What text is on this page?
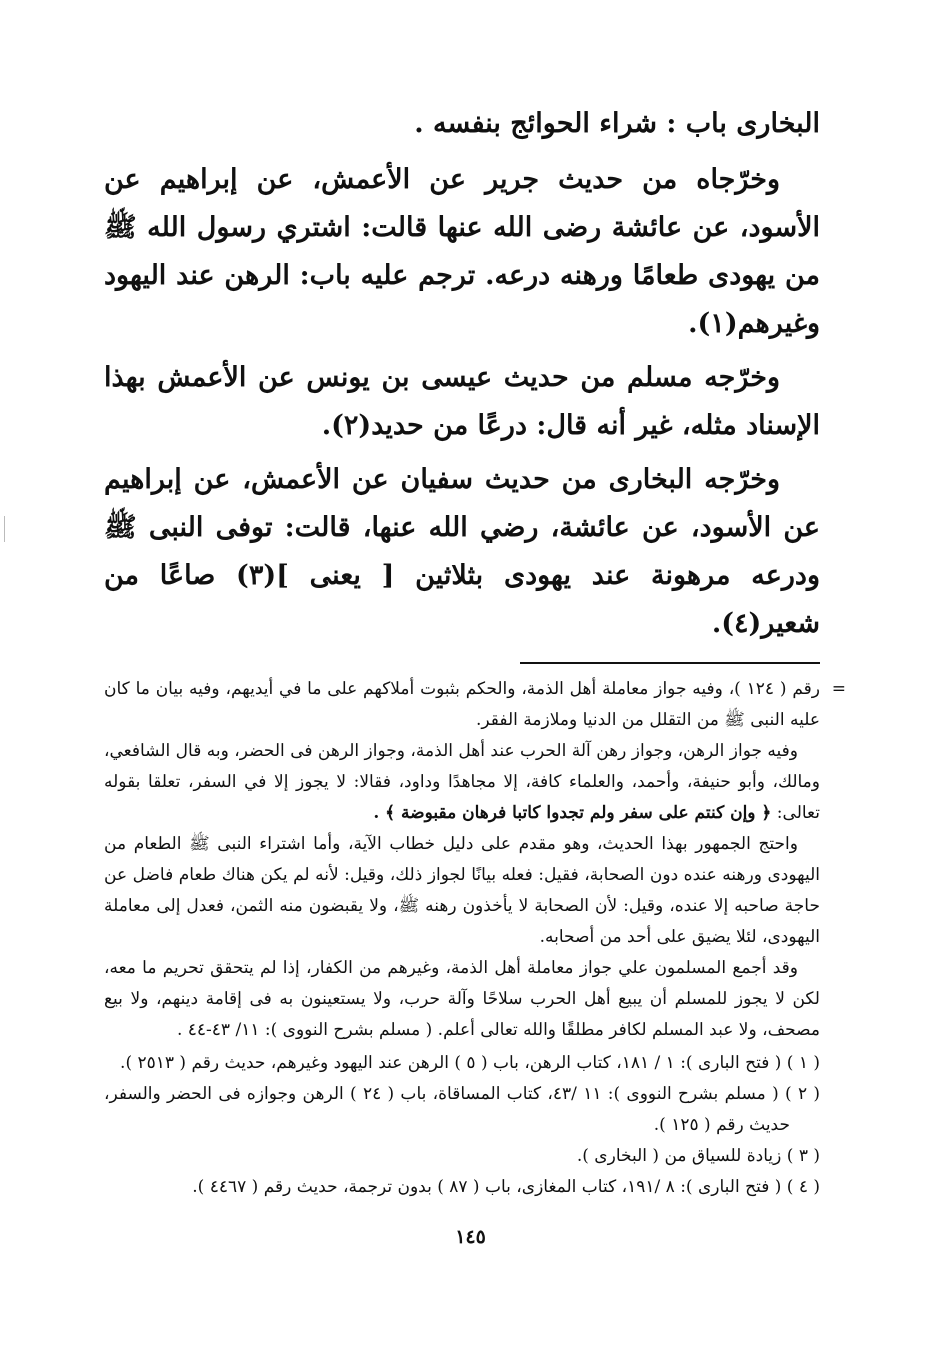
البخارى باب : شراء الحوائج بنفسه .

وخرّجاه من حديث جرير عن الأعمش، عن إبراهيم عن الأسود، عن عائشة رضى الله عنها قالت: اشتري رسول الله ﷺ من يهودى طعامًا ورهنه درعه. ترجم عليه باب: الرهن عند اليهود وغيرهم(١).

وخرّجه مسلم من حديث عيسى بن يونس عن الأعمش بهذا الإسناد مثله، غير أنه قال: درعًا من حديد(٢).

وخرّجه البخارى من حديث سفيان عن الأعمش، عن إبراهيم عن الأسود، عن عائشة، رضي الله عنها، قالت: توفى النبى ﷺ ودرعه مرهونة عند يهودى بثلاثين [ يعنى ](٣) صاعًا من شعير(٤).

=

رقم ( ١٢٤ )، وفيه جواز معاملة أهل الذمة، والحكم بثبوت أملاكهم على ما في أيديهم، وفيه بيان ما كان عليه النبى ﷺ من التقلل من الدنيا وملازمة الفقر.

وفيه جواز الرهن، وجواز رهن آلة الحرب عند أهل الذمة، وجواز الرهن فى الحضر، وبه قال الشافعي، ومالك، وأبو حنيفة، وأحمد، والعلماء كافة، إلا مجاهدًا وداود، فقالا: لا يجوز إلا في السفر، تعلقا بقوله تعالى: ﴿ وإن كنتم على سفر ولم تجدوا كاتبا فرهان مقبوضة ﴾ .

واحتج الجمهور بهذا الحديث، وهو مقدم على دليل خطاب الآية، وأما اشتراء النبى ﷺ الطعام من اليهودى ورهنه عنده دون الصحابة، فقيل: فعله بيانًا لجواز ذلك، وقيل: لأنه لم يكن هناك طعام فاضل عن حاجة صاحبه إلا عنده، وقيل: لأن الصحابة لا يأخذون رهنه ﷺ، ولا يقبضون منه الثمن، فعدل إلى معاملة اليهودى، لئلا يضيق على أحد من أصحابه.

وقد أجمع المسلمون علي جواز معاملة أهل الذمة، وغيرهم من الكفار، إذا لم يتحقق تحريم ما معه، لكن لا يجوز للمسلم أن يبيع أهل الحرب سلاحًا وآلة حرب، ولا يستعينون به فى إقامة دينهم، ولا بيع مصحف، ولا عبد المسلم لكافر مطلقًا والله تعالى أعلم. ( مسلم بشرح النووى ): ١١/ ٤٣-٤٤ .

( ١ ) ( فتح البارى ): ١ / ١٨١، كتاب الرهن، باب ( ٥ ) الرهن عند اليهود وغيرهم، حديث رقم ( ٢٥١٣ ).

( ٢ ) ( مسلم بشرح النووى ): ١١ /٤٣، كتاب المساقاة، باب ( ٢٤ ) الرهن وجوازه فى الحضر والسفر، حديث رقم ( ١٢٥ ).

( ٣ ) زيادة للسياق من ( البخارى ).

( ٤ ) ( فتح البارى ): ٨ /١٩١، كتاب المغازى، باب ( ٨٧ ) بدون ترجمة، حديث رقم ( ٤٤٦٧ ).

١٤٥
